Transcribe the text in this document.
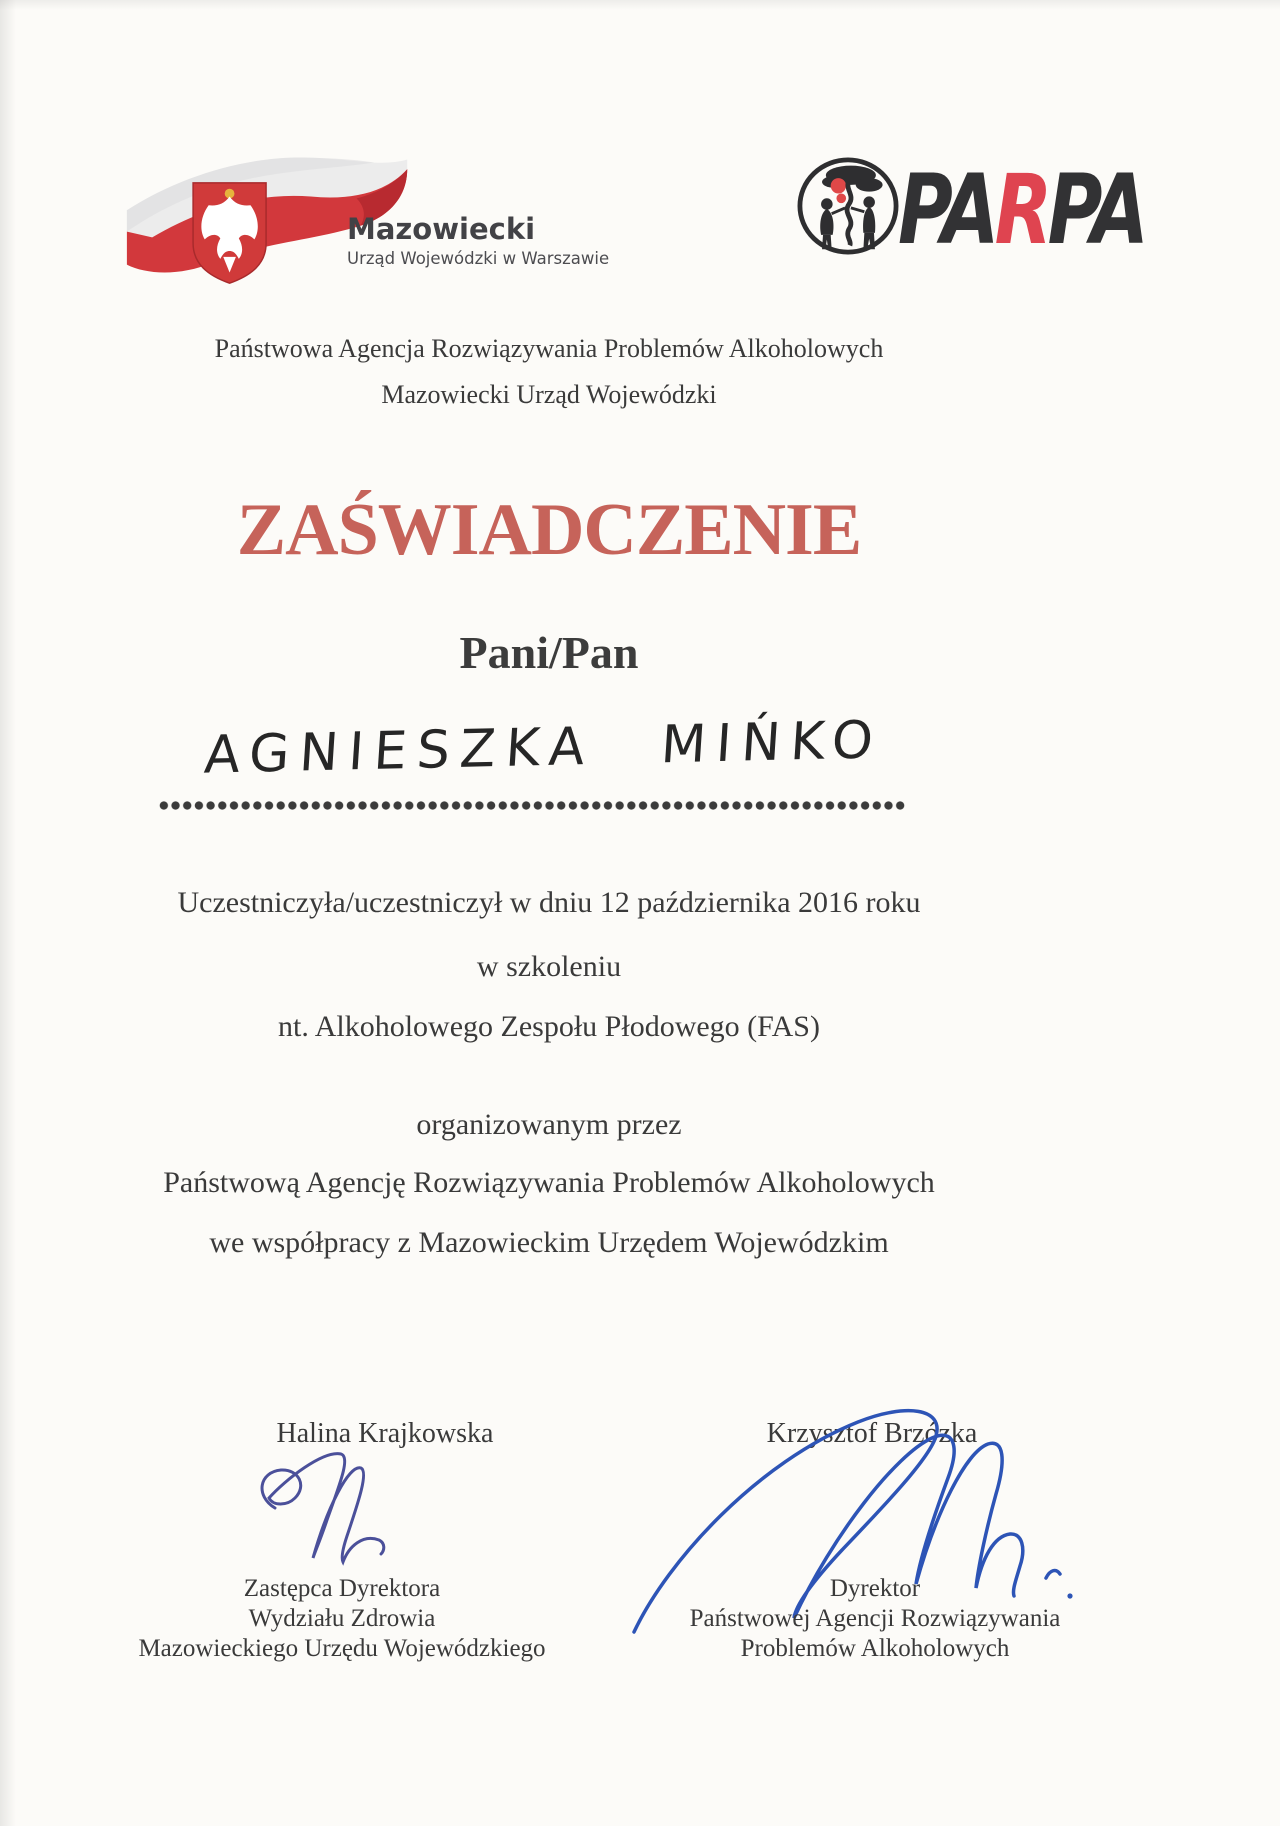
Mazowiecki
Urząd Wojewódzki w Warszawie	PARPA
Państwowa Agencja Rozwiązywania Problemów Alkoholowych
Mazowiecki Urząd Wojewódzki
ZAŚWIADCZENIE
Pani/Pan
AGNIESZKA MIŃKO
Uczestniczyła/uczestniczył w dniu 12 października 2016 roku
w szkoleniu
nt. Alkoholowego Zespołu Płodowego (FAS)
organizowanym przez
Państwową Agencję Rozwiązywania Problemów Alkoholowych
we współpracy z Mazowieckim Urzędem Wojewódzkim
Halina Krajkowska	Krzysztof Brzózka
Zastępca Dyrektora
Wydziału Zdrowia
Mazowieckiego Urzędu Wojewódzkiego
Dyrektor
Państwowej Agencji Rozwiązywania
Problemów Alkoholowych
